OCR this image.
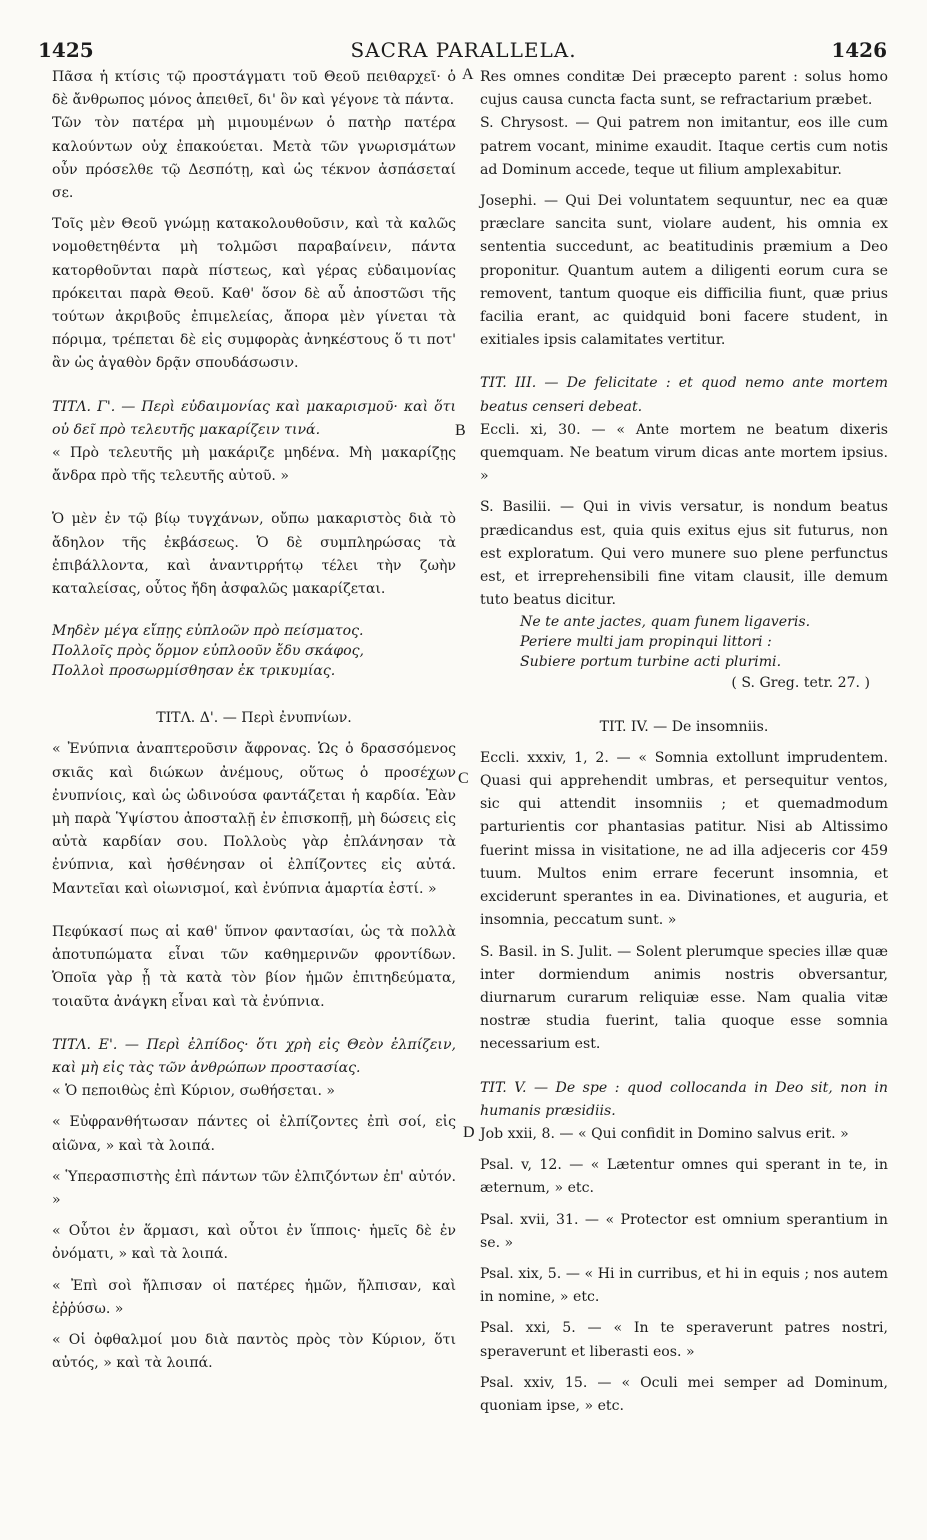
1425	SACRA PARALLELA.	1426
A
B
C
D

Πᾶσα ἡ κτίσις τῷ προστάγματι τοῦ Θεοῦ πειθαρχεῖ· ὁ δὲ ἄνθρωπος μόνος ἀπειθεῖ, δι' ὃν καὶ γέγονε τὰ πάντα.

Τῶν τὸν πατέρα μὴ μιμουμένων ὁ πατὴρ πατέρα καλούντων οὐχ ἐπακούεται. Μετὰ τῶν γνωρισμάτων οὖν πρόσελθε τῷ Δεσπότῃ, καὶ ὡς τέκνον ἀσπάσεταί σε.

Τοῖς μὲν Θεοῦ γνώμῃ κατακολουθοῦσιν, καὶ τὰ καλῶς νομοθετηθέντα μὴ τολμῶσι παραβαίνειν, πάντα κατορθοῦνται παρὰ πίστεως, καὶ γέρας εὐδαιμονίας πρόκειται παρὰ Θεοῦ. Καθ' ὅσον δὲ αὖ ἀποστῶσι τῆς τούτων ἀκριβοῦς ἐπιμελείας, ἄπορα μὲν γίνεται τὰ πόριμα, τρέπεται δὲ εἰς συμφορὰς ἀνηκέστους ὅ τι ποτ' ἂν ὡς ἀγαθὸν δρᾷν σπουδάσωσιν.

ΤΙΤΛ. Γ'. — Περὶ εὐδαιμονίας καὶ μακαρισμοῦ· καὶ ὅτι οὐ δεῖ πρὸ τελευτῆς μακαρίζειν τινά.

« Πρὸ τελευτῆς μὴ μακάριζε μηδένα. Μὴ μακαρίζῃς ἄνδρα πρὸ τῆς τελευτῆς αὐτοῦ. »

Ὁ μὲν ἐν τῷ βίῳ τυγχάνων, οὔπω μακαριστὸς διὰ τὸ ἄδηλον τῆς ἐκβάσεως. Ὁ δὲ συμπληρώσας τὰ ἐπιβάλλοντα, καὶ ἀναντιρρήτῳ τέλει τὴν ζωὴν καταλείσας, οὗτος ἤδη ἀσφαλῶς μακαρίζεται.

Μηδὲν μέγα εἴπῃς εὐπλοῶν πρὸ πείσματος.

Πολλοῖς πρὸς ὅρμον εὐπλοοῦν ἔδυ σκάφος,

Πολλοὶ προσωρμίσθησαν ἐκ τρικυμίας.

ΤΙΤΛ. Δ'. — Περὶ ἐνυπνίων.

« Ἐνύπνια ἀναπτεροῦσιν ἄφρονας. Ὡς ὁ δρασσόμενος σκιᾶς καὶ διώκων ἀνέμους, οὕτως ὁ προσέχων ἐνυπνίοις, καὶ ὡς ὠδινούσα φαντάζεται ἡ καρδία. Ἐὰν μὴ παρὰ Ὑψίστου ἀποσταλῇ ἐν ἐπισκοπῇ, μὴ δώσεις εἰς αὐτὰ καρδίαν σου. Πολλοὺς γὰρ ἐπλάνησαν τὰ ἐνύπνια, καὶ ἠσθένησαν οἱ ἐλπίζοντες εἰς αὐτά. Μαντεῖαι καὶ οἰωνισμοί, καὶ ἐνύπνια ἁμαρτία ἐστί. »

Πεφύκασί πως αἱ καθ' ὕπνον φαντασίαι, ὡς τὰ πολλὰ ἀποτυπώματα εἶναι τῶν καθημερινῶν φροντίδων. Ὁποῖα γὰρ ᾖ τὰ κατὰ τὸν βίον ἡμῶν ἐπιτηδεύματα, τοιαῦτα ἀνάγκη εἶναι καὶ τὰ ἐνύπνια.

ΤΙΤΛ. Ε'. — Περὶ ἐλπίδος· ὅτι χρὴ εἰς Θεὸν ἐλπίζειν, καὶ μὴ εἰς τὰς τῶν ἀνθρώπων προστασίας.

« Ὁ πεποιθὼς ἐπὶ Κύριον, σωθήσεται. »

« Εὐφρανθήτωσαν πάντες οἱ ἐλπίζοντες ἐπὶ σοί, εἰς αἰῶνα, » καὶ τὰ λοιπά.

« Ὑπερασπιστὴς ἐπὶ πάντων τῶν ἐλπιζόντων ἐπ' αὐτόν. »

« Οὗτοι ἐν ἅρμασι, καὶ οὗτοι ἐν ἵπποις· ἡμεῖς δὲ ἐν ὀνόματι, » καὶ τὰ λοιπά.

« Ἐπὶ σοὶ ἤλπισαν οἱ πατέρες ἡμῶν, ἤλπισαν, καὶ ἐῤῥύσω. »

« Οἱ ὀφθαλμοί μου διὰ παντὸς πρὸς τὸν Κύριον, ὅτι αὐτός, » καὶ τὰ λοιπά.

Res omnes conditæ Dei præcepto parent : solus homo cujus causa cuncta facta sunt, se refractarium præbet.

S. Chrysost. — Qui patrem non imitantur, eos ille cum patrem vocant, minime exaudit. Itaque certis cum notis ad Dominum accede, teque ut filium amplexabitur.

Josephi. — Qui Dei voluntatem sequuntur, nec ea quæ præclare sancita sunt, violare audent, his omnia ex sententia succedunt, ac beatitudinis præmium a Deo proponitur. Quantum autem a diligenti eorum cura se removent, tantum quoque eis difficilia fiunt, quæ prius facilia erant, ac quidquid boni facere student, in exitiales ipsis calamitates vertitur.

TIT. III. — De felicitate : et quod nemo ante mortem beatus censeri debeat.

Eccli. xi, 30. — « Ante mortem ne beatum dixeris quemquam. Ne beatum virum dicas ante mortem ipsius. »

S. Basilii. — Qui in vivis versatur, is nondum beatus prædicandus est, quia quis exitus ejus sit futurus, non est exploratum. Qui vero munere suo plene perfunctus est, et irreprehensibili fine vitam clausit, ille demum tuto beatus dicitur.

Ne te ante jactes, quam funem ligaveris.

Periere multi jam propinqui littori :

Subiere portum turbine acti plurimi.

( S. Greg. tetr. 27. )

TIT. IV. — De insomniis.

Eccli. xxxiv, 1, 2. — « Somnia extollunt imprudentem. Quasi qui apprehendit umbras, et persequitur ventos, sic qui attendit insomniis ; et quemadmodum parturientis cor phantasias patitur. Nisi ab Altissimo fuerint missa in visitatione, ne ad illa adjeceris cor 459 tuum. Multos enim errare fecerunt insomnia, et exciderunt sperantes in ea. Divinationes, et auguria, et insomnia, peccatum sunt. »

S. Basil. in S. Julit. — Solent plerumque species illæ quæ inter dormiendum animis nostris obversantur, diurnarum curarum reliquiæ esse. Nam qualia vitæ nostræ studia fuerint, talia quoque esse somnia necessarium est.

TIT. V. — De spe : quod collocanda in Deo sit, non in humanis præsidiis.

Job xxii, 8. — « Qui confidit in Domino salvus erit. »

Psal. v, 12. — « Lætentur omnes qui sperant in te, in æternum, » etc.

Psal. xvii, 31. — « Protector est omnium sperantium in se. »

Psal. xix, 5. — « Hi in curribus, et hi in equis ; nos autem in nomine, » etc.

Psal. xxi, 5. — « In te speraverunt patres nostri, speraverunt et liberasti eos. »

Psal. xxiv, 15. — « Oculi mei semper ad Dominum, quoniam ipse, » etc.
